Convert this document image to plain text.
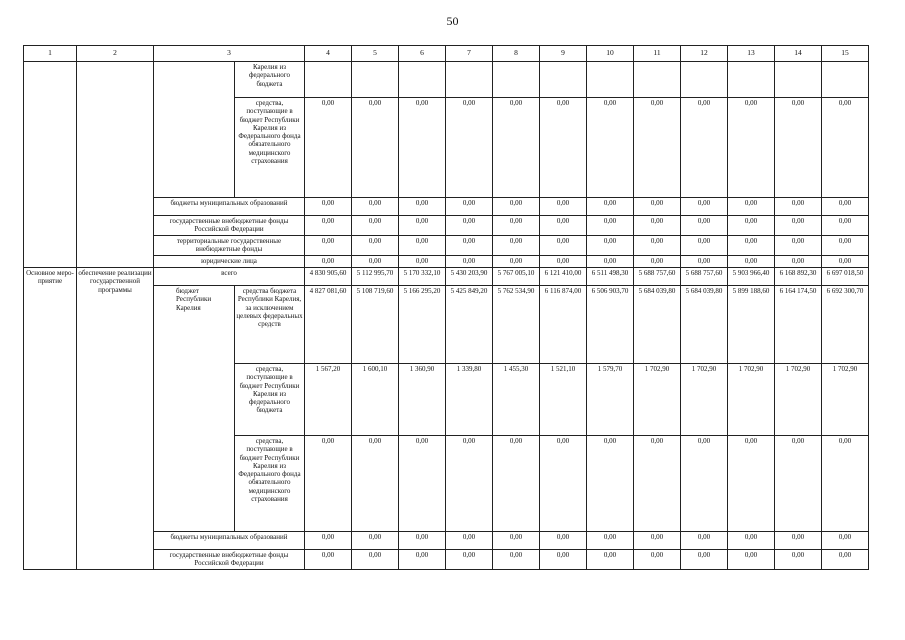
50
1	2	3		4	5	6	7	8	9	10	11	12	13	14	15
			Карелия из федерального бюджета												
			средства, поступающие в бюджет Республики Карелия из Федерального фонда обязательного медицинского страхования	0,00	0,00	0,00	0,00	0,00	0,00	0,00	0,00	0,00	0,00	0,00	0,00
		бюджеты муниципальных образований		0,00	0,00	0,00	0,00	0,00	0,00	0,00	0,00	0,00	0,00	0,00	0,00
		государственные внебюджетные фонды Российской Федерации		0,00	0,00	0,00	0,00	0,00	0,00	0,00	0,00	0,00	0,00	0,00	0,00
		территориальные государственные внебюджетные фонды		0,00	0,00	0,00	0,00	0,00	0,00	0,00	0,00	0,00	0,00	0,00	0,00
		юридические лица		0,00	0,00	0,00	0,00	0,00	0,00	0,00	0,00	0,00	0,00	0,00	0,00
Основное меро-приятие	обеспечение реализации государственной программы	всего		4 830 905,60	5 112 995,70	5 170 332,10	5 430 203,90	5 767 005,10	6 121 410,00	6 511 498,30	5 688 757,60	5 688 757,60	5 903 966,40	6 168 892,30	6 697 018,50
		бюджет Республики Карелия	средства бюджета Республики Карелия, за исключением целевых федеральных средств	4 827 081,60	5 108 719,60	5 166 295,20	5 425 849,20	5 762 534,90	6 116 874,00	6 506 903,70	5 684 039,80	5 684 039,80	5 899 188,60	6 164 174,50	6 692 300,70
			средства, поступающие в бюджет Республики Карелия из федерального бюджета	1 567,20	1 600,10	1 360,90	1 339,80	1 455,30	1 521,10	1 579,70	1 702,90	1 702,90	1 702,90	1 702,90	1 702,90
			средства, поступающие в бюджет Республики Карелия из Федерального фонда обязательного медицинского страхования	0,00	0,00	0,00	0,00	0,00	0,00	0,00	0,00	0,00	0,00	0,00	0,00
		бюджеты муниципальных образований		0,00	0,00	0,00	0,00	0,00	0,00	0,00	0,00	0,00	0,00	0,00	0,00
		государственные внебюджетные фонды Российской Федерации		0,00	0,00	0,00	0,00	0,00	0,00	0,00	0,00	0,00	0,00	0,00	0,00
